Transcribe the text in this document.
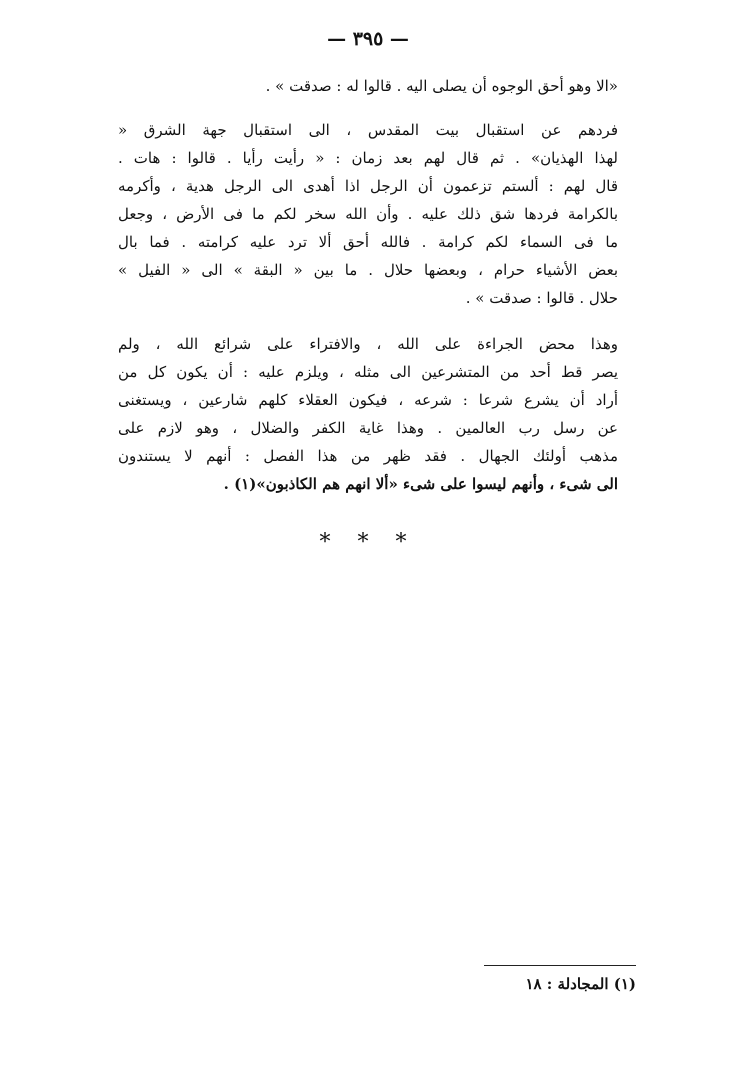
— ٣٩٥ —
«الا وهو أحق الوجوه أن يصلى اليه . قالوا له : صدقت » .
فردهم عن استقبال بيت المقدس ، الى استقبال جهة الشرق «
لهذا الهذيان» . ثم قال لهم بعد زمان : « رأيت رأيا . قالوا : هات .
قال لهم : ألستم تزعمون أن الرجل اذا أهدى الى الرجل هدية ، وأكرمه
بالكرامة فردها شق ذلك عليه . وأن الله سخر لكم ما فى الأرض ، وجعل
ما فى السماء لكم كرامة . فالله أحق ألا ترد عليه كرامته . فما بال
بعض الأشياء حرام ، وبعضها حلال . ما بين « البقة » الى « الفيل »
حلال . قالوا : صدقت » .
وهذا محض الجراءة على الله ، والافتراء على شرائع الله ، ولم
يصر قط أحد من المتشرعين الى مثله ، ويلزم عليه : أن يكون كل من
أراد أن يشرع شرعا : شرعه ، فيكون العقلاء كلهم شارعين ، ويستغنى
عن رسل رب العالمين . وهذا غاية الكفر والضلال ، وهو لازم على
مذهب أولئك الجهال . فقد ظهر من هذا الفصل : أنهم لا يستندون
الى شىء ، وأنهم ليسوا على شىء «ألا انهم هم الكاذبون»(١) .
* * *
(١) المجادلة : ١٨
